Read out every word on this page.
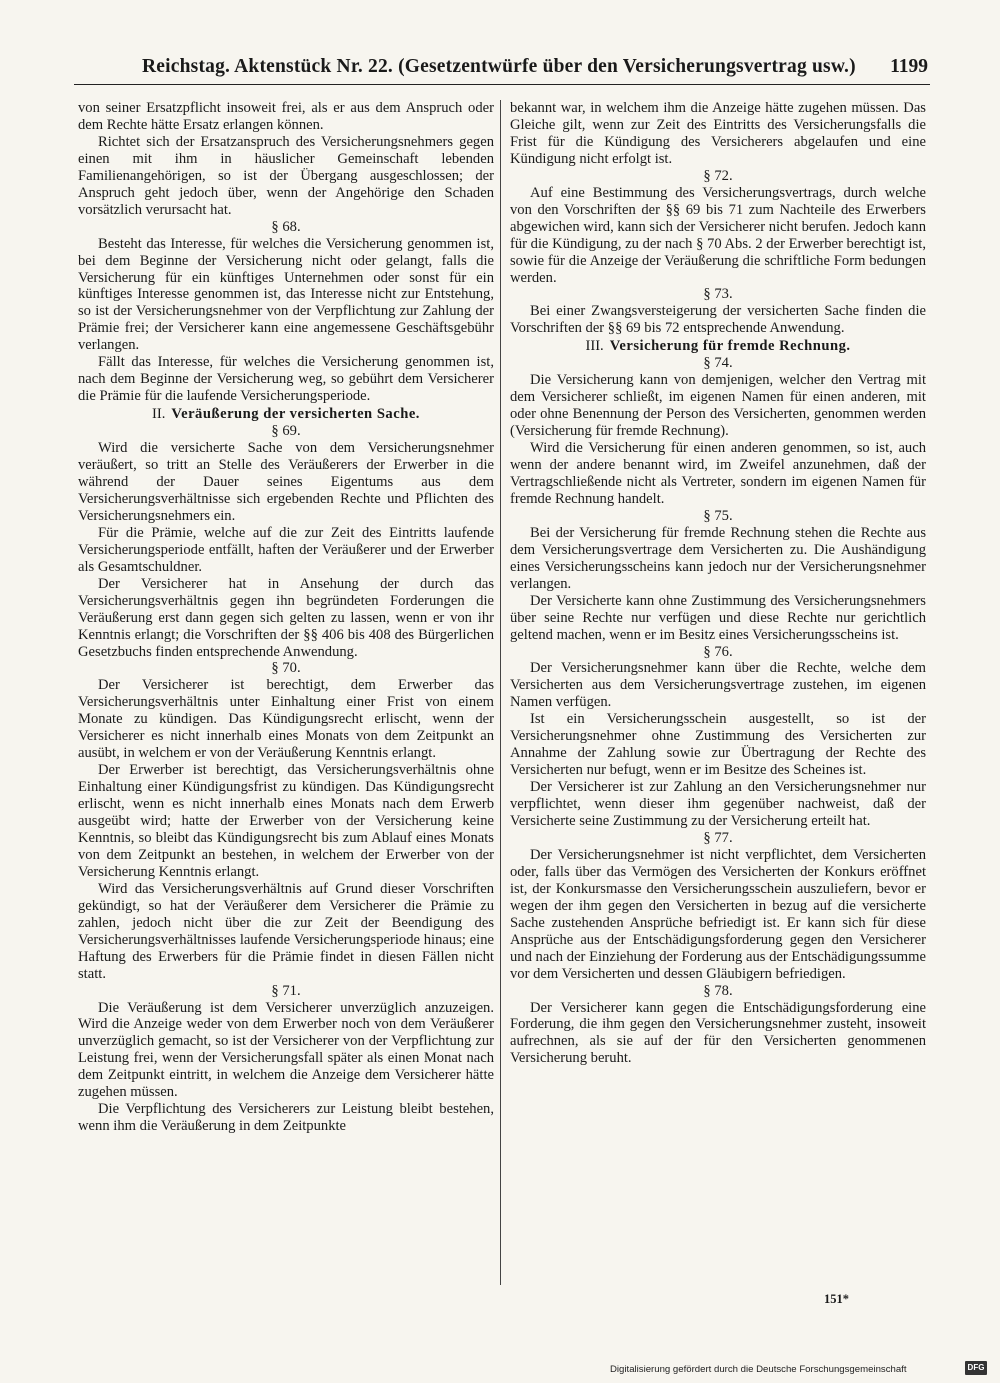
Reichstag. Aktenstück Nr. 22. (Gesetzentwürfe über den Versicherungsvertrag usw.) 1199

von seiner Ersatzpflicht insoweit frei, als er aus dem Anspruch oder dem Rechte hätte Ersatz erlangen können.

Richtet sich der Ersatzanspruch des Versicherungsnehmers gegen einen mit ihm in häuslicher Gemeinschaft lebenden Familienangehörigen, so ist der Übergang ausgeschlossen; der Anspruch geht jedoch über, wenn der Angehörige den Schaden vorsätzlich verursacht hat.

§ 68.

Besteht das Interesse, für welches die Versicherung genommen ist, bei dem Beginne der Versicherung nicht oder gelangt, falls die Versicherung für ein künftiges Unternehmen oder sonst für ein künftiges Interesse genommen ist, das Interesse nicht zur Entstehung, so ist der Versicherungsnehmer von der Verpflichtung zur Zahlung der Prämie frei; der Versicherer kann eine angemessene Geschäftsgebühr verlangen.

Fällt das Interesse, für welches die Versicherung genommen ist, nach dem Beginne der Versicherung weg, so gebührt dem Versicherer die Prämie für die laufende Versicherungsperiode.

II. Veräußerung der versicherten Sache.

§ 69.

Wird die versicherte Sache von dem Versicherungsnehmer veräußert, so tritt an Stelle des Veräußerers der Erwerber in die während der Dauer seines Eigentums aus dem Versicherungsverhältnisse sich ergebenden Rechte und Pflichten des Versicherungsnehmers ein.

Für die Prämie, welche auf die zur Zeit des Eintritts laufende Versicherungsperiode entfällt, haften der Veräußerer und der Erwerber als Gesamtschuldner.

Der Versicherer hat in Ansehung der durch das Versicherungsverhältnis gegen ihn begründeten Forderungen die Veräußerung erst dann gegen sich gelten zu lassen, wenn er von ihr Kenntnis erlangt; die Vorschriften der §§ 406 bis 408 des Bürgerlichen Gesetzbuchs finden entsprechende Anwendung.

§ 70.

Der Versicherer ist berechtigt, dem Erwerber das Versicherungsverhältnis unter Einhaltung einer Frist von einem Monate zu kündigen. Das Kündigungsrecht erlischt, wenn der Versicherer es nicht innerhalb eines Monats von dem Zeitpunkt an ausübt, in welchem er von der Veräußerung Kenntnis erlangt.

Der Erwerber ist berechtigt, das Versicherungsverhältnis ohne Einhaltung einer Kündigungsfrist zu kündigen. Das Kündigungsrecht erlischt, wenn es nicht innerhalb eines Monats nach dem Erwerb ausgeübt wird; hatte der Erwerber von der Versicherung keine Kenntnis, so bleibt das Kündigungsrecht bis zum Ablauf eines Monats von dem Zeitpunkt an bestehen, in welchem der Erwerber von der Versicherung Kenntnis erlangt.

Wird das Versicherungsverhältnis auf Grund dieser Vorschriften gekündigt, so hat der Veräußerer dem Versicherer die Prämie zu zahlen, jedoch nicht über die zur Zeit der Beendigung des Versicherungsverhältnisses laufende Versicherungsperiode hinaus; eine Haftung des Erwerbers für die Prämie findet in diesen Fällen nicht statt.

§ 71.

Die Veräußerung ist dem Versicherer unverzüglich anzuzeigen. Wird die Anzeige weder von dem Erwerber noch von dem Veräußerer unverzüglich gemacht, so ist der Versicherer von der Verpflichtung zur Leistung frei, wenn der Versicherungsfall später als einen Monat nach dem Zeitpunkt eintritt, in welchem die Anzeige dem Versicherer hätte zugehen müssen.

Die Verpflichtung des Versicherers zur Leistung bleibt bestehen, wenn ihm die Veräußerung in dem Zeitpunkte

bekannt war, in welchem ihm die Anzeige hätte zugehen müssen. Das Gleiche gilt, wenn zur Zeit des Eintritts des Versicherungsfalls die Frist für die Kündigung des Versicherers abgelaufen und eine Kündigung nicht erfolgt ist.

§ 72.

Auf eine Bestimmung des Versicherungsvertrags, durch welche von den Vorschriften der §§ 69 bis 71 zum Nachteile des Erwerbers abgewichen wird, kann sich der Versicherer nicht berufen. Jedoch kann für die Kündigung, zu der nach § 70 Abs. 2 der Erwerber berechtigt ist, sowie für die Anzeige der Veräußerung die schriftliche Form bedungen werden.

§ 73.

Bei einer Zwangsversteigerung der versicherten Sache finden die Vorschriften der §§ 69 bis 72 entsprechende Anwendung.

III. Versicherung für fremde Rechnung.

§ 74.

Die Versicherung kann von demjenigen, welcher den Vertrag mit dem Versicherer schließt, im eigenen Namen für einen anderen, mit oder ohne Benennung der Person des Versicherten, genommen werden (Versicherung für fremde Rechnung).

Wird die Versicherung für einen anderen genommen, so ist, auch wenn der andere benannt wird, im Zweifel anzunehmen, daß der Vertragschließende nicht als Vertreter, sondern im eigenen Namen für fremde Rechnung handelt.

§ 75.

Bei der Versicherung für fremde Rechnung stehen die Rechte aus dem Versicherungsvertrage dem Versicherten zu. Die Aushändigung eines Versicherungsscheins kann jedoch nur der Versicherungsnehmer verlangen.

Der Versicherte kann ohne Zustimmung des Versicherungsnehmers über seine Rechte nur verfügen und diese Rechte nur gerichtlich geltend machen, wenn er im Besitz eines Versicherungsscheins ist.

§ 76.

Der Versicherungsnehmer kann über die Rechte, welche dem Versicherten aus dem Versicherungsvertrage zustehen, im eigenen Namen verfügen.

Ist ein Versicherungsschein ausgestellt, so ist der Versicherungsnehmer ohne Zustimmung des Versicherten zur Annahme der Zahlung sowie zur Übertragung der Rechte des Versicherten nur befugt, wenn er im Besitze des Scheines ist.

Der Versicherer ist zur Zahlung an den Versicherungsnehmer nur verpflichtet, wenn dieser ihm gegenüber nachweist, daß der Versicherte seine Zustimmung zu der Versicherung erteilt hat.

§ 77.

Der Versicherungsnehmer ist nicht verpflichtet, dem Versicherten oder, falls über das Vermögen des Versicherten der Konkurs eröffnet ist, der Konkursmasse den Versicherungsschein auszuliefern, bevor er wegen der ihm gegen den Versicherten in bezug auf die versicherte Sache zustehenden Ansprüche befriedigt ist. Er kann sich für diese Ansprüche aus der Entschädigungsforderung gegen den Versicherer und nach der Einziehung der Forderung aus der Entschädigungssumme vor dem Versicherten und dessen Gläubigern befriedigen.

§ 78.

Der Versicherer kann gegen die Entschädigungsforderung eine Forderung, die ihm gegen den Versicherungsnehmer zusteht, insoweit aufrechnen, als sie auf der für den Versicherten genommenen Versicherung beruht.

151*
Digitalisierung gefördert durch die Deutsche Forschungsgemeinschaft	DFG
